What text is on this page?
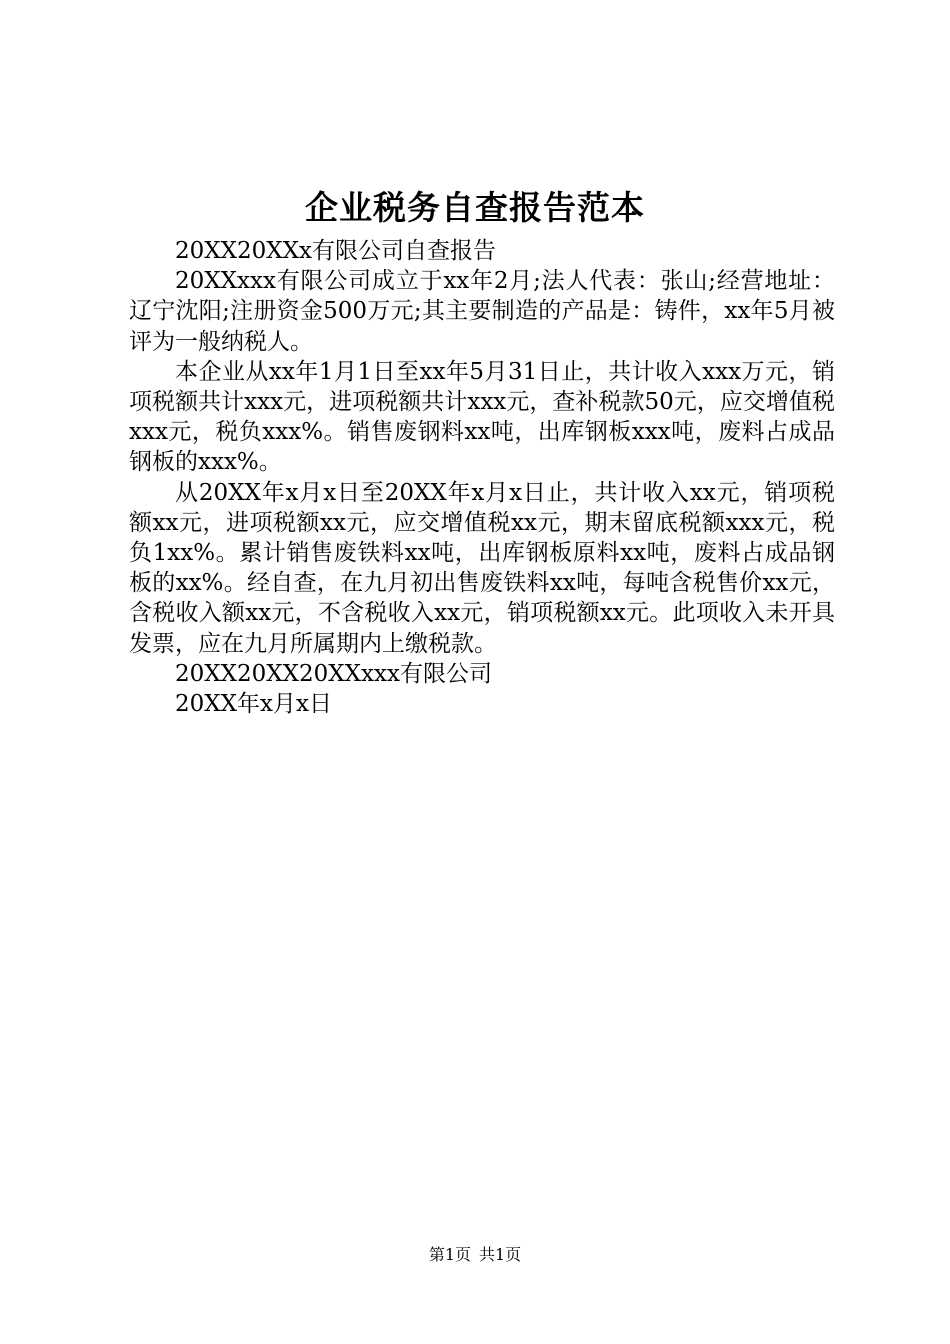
企业税务自查报告范本

20XX20XXx有限公司自查报告

20XXxxx有限公司成立于xx年2月;法人代表：张山;经营地址：辽宁沈阳;注册资金500万元;其主要制造的产品是：铸件，xx年5月被评为一般纳税人。

本企业从xx年1月1日至xx年5月31日止，共计收入xxx万元，销项税额共计xxx元，进项税额共计xxx元，查补税款50元，应交增值税xxx元，税负xxx%。销售废钢料xx吨，出库钢板xxx吨，废料占成品钢板的xxx%。

从20XX年x月x日至20XX年x月x日止，共计收入xx元，销项税额xx元，进项税额xx元，应交增值税xx元，期末留底税额xxx元，税负1xx%。累计销售废铁料xx吨，出库钢板原料xx吨，废料占成品钢板的xx%。经自查，在九月初出售废铁料xx吨，每吨含税售价xx元，含税收入额xx元，不含税收入xx元，销项税额xx元。此项收入未开具发票，应在九月所属期内上缴税款。

20XX20XX20XXxxx有限公司

20XX年x月x日

第1页 共1页
